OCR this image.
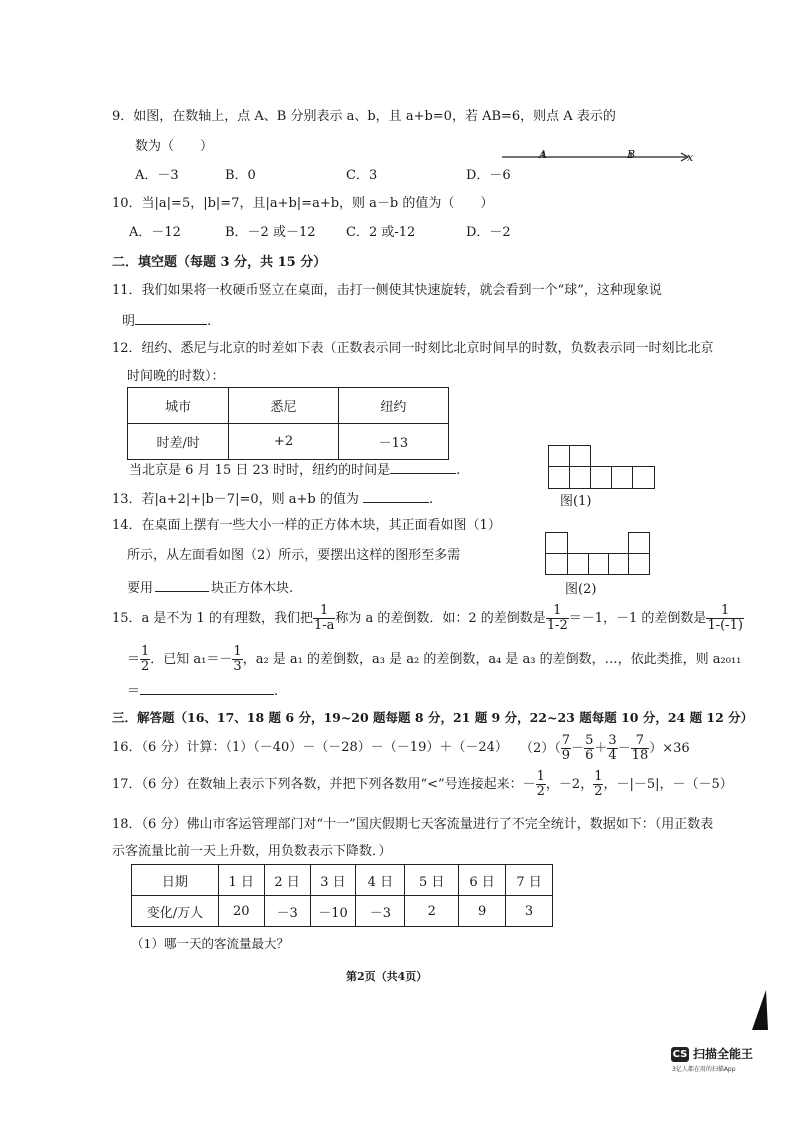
9．如图，在数轴上，点 A、B 分别表示 a、b，且 a+b=0，若 AB=6，则点 A 表示的
数为（　　）
A	B	x
A．－3	B．0	C．3	D．－6
10．当|a|=5，|b|=7，且|a+b|=a+b，则 a－b 的值为（　　）
A．－12	B．－2 或－12 C．2 或-12	D．－2
二．填空题（每题 3 分，共 15 分）
11．我们如果将一枚硬币竖立在桌面，击打一侧使其快速旋转，就会看到一个“球”，这种现象说
明	.
12．纽约、悉尼与北京的时差如下表（正数表示同一时刻比北京时间早的时数，负数表示同一时刻比北京
时间晚的时数）：
城市	悉尼	纽约
时差/时	+2	－13
当北京是 6 月 15 日 23 时时，纽约的时间是	.
图(1)
13．若|a+2|+|b－7|=0，则 a+b 的值为	.
14．在桌面上摆有一些大小一样的正方体木块，其正面看如图（1）
所示，从左面看如图（2）所示，要摆出这样的图形至多需
要用	块正方体木块.	图(2)
15．a 是不为 1 的有理数，我们把 $\frac{1}{1-a}$ 称为 a 的差倒数．如：2 的差倒数是 $\frac{1}{1-2} =-1$，－1 的差倒数是 $\frac{1}{1-(-1)}$
＝ $\frac{1}{2}$ ．已知 $a_1=- \frac{1}{3}$ ，a₂ 是 a₁ 的差倒数，a₃ 是 a₂ 的差倒数，a₄ 是 a₃ 的差倒数，…，依此类推，则 a₂₀₁₁
＝	.
三．解答题（16、17、18 题 6 分，19~20 题每题 8 分，21 题 9 分，22~23 题每题 10 分，24 题 12 分）
16．（6 分）计算：（1）（－40）－（－28）－（－19）＋（－24） $(2)( \frac{7}{9} - \frac{5}{6} + \frac{3}{4} - \frac{7}{18} )\times 36$
17．（6 分）在数轴上表示下列各数，并把下列各数用“<”号连接起来：－ $\frac{1}{2}$ ，－2， $\frac{1}{2}$ ，－|－5|，－（－5）
18．（6 分）佛山市客运管理部门对“十一”国庆假期七天客流量进行了不完全统计，数据如下：（用正数表
示客流量比前一天上升数，用负数表示下降数．）
日期	1 日	2 日	3 日	4 日	5 日	6 日	7 日
变化/万人	20	－3	－10	－3	2	9	3
（1）哪一天的客流量最大？
第2页（共4页）
CS 扫描全能王
3亿人都在用的扫描App
